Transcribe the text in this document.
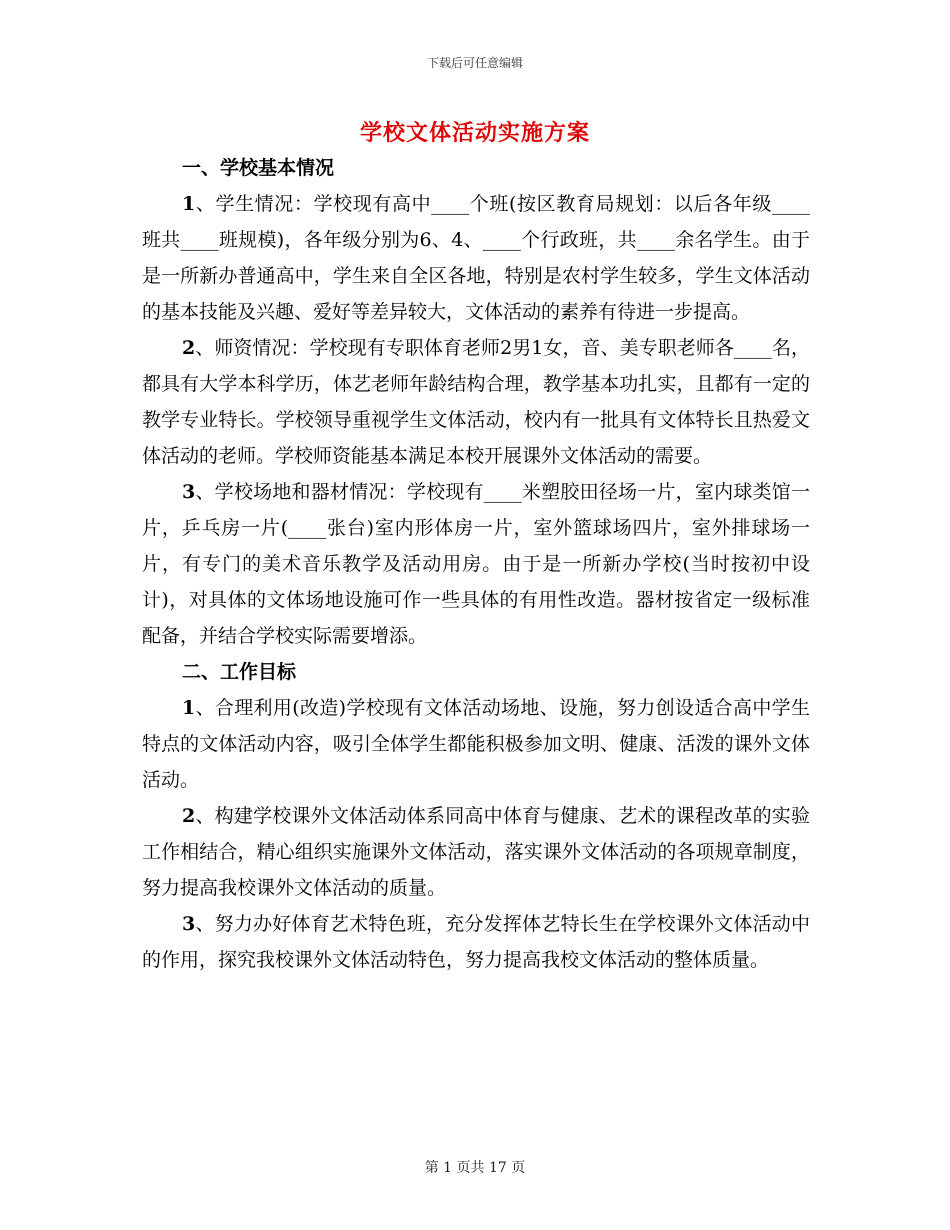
下载后可任意编辑
学校文体活动实施方案

一、学校基本情况

1、学生情况：学校现有高中____个班(按区教育局规划：以后各年级____班共____班规模)，各年级分别为6、4、____个行政班，共____余名学生。由于是一所新办普通高中，学生来自全区各地，特别是农村学生较多，学生文体活动的基本技能及兴趣、爱好等差异较大，文体活动的素养有待进一步提高。

2、师资情况：学校现有专职体育老师2男1女，音、美专职老师各____名，都具有大学本科学历，体艺老师年龄结构合理，教学基本功扎实，且都有一定的教学专业特长。学校领导重视学生文体活动，校内有一批具有文体特长且热爱文体活动的老师。学校师资能基本满足本校开展课外文体活动的需要。

3、学校场地和器材情况：学校现有____米塑胶田径场一片，室内球类馆一片，乒乓房一片(____张台)室内形体房一片，室外篮球场四片，室外排球场一片，有专门的美术音乐教学及活动用房。由于是一所新办学校(当时按初中设计)，对具体的文体场地设施可作一些具体的有用性改造。器材按省定一级标准配备，并结合学校实际需要增添。

二、工作目标

1、合理利用(改造)学校现有文体活动场地、设施，努力创设适合高中学生特点的文体活动内容，吸引全体学生都能积极参加文明、健康、活泼的课外文体活动。

2、构建学校课外文体活动体系同高中体育与健康、艺术的课程改革的实验工作相结合，精心组织实施课外文体活动，落实课外文体活动的各项规章制度，努力提高我校课外文体活动的质量。

3、努力办好体育艺术特色班，充分发挥体艺特长生在学校课外文体活动中的作用，探究我校课外文体活动特色，努力提高我校文体活动的整体质量。

第 1 页共 17 页
